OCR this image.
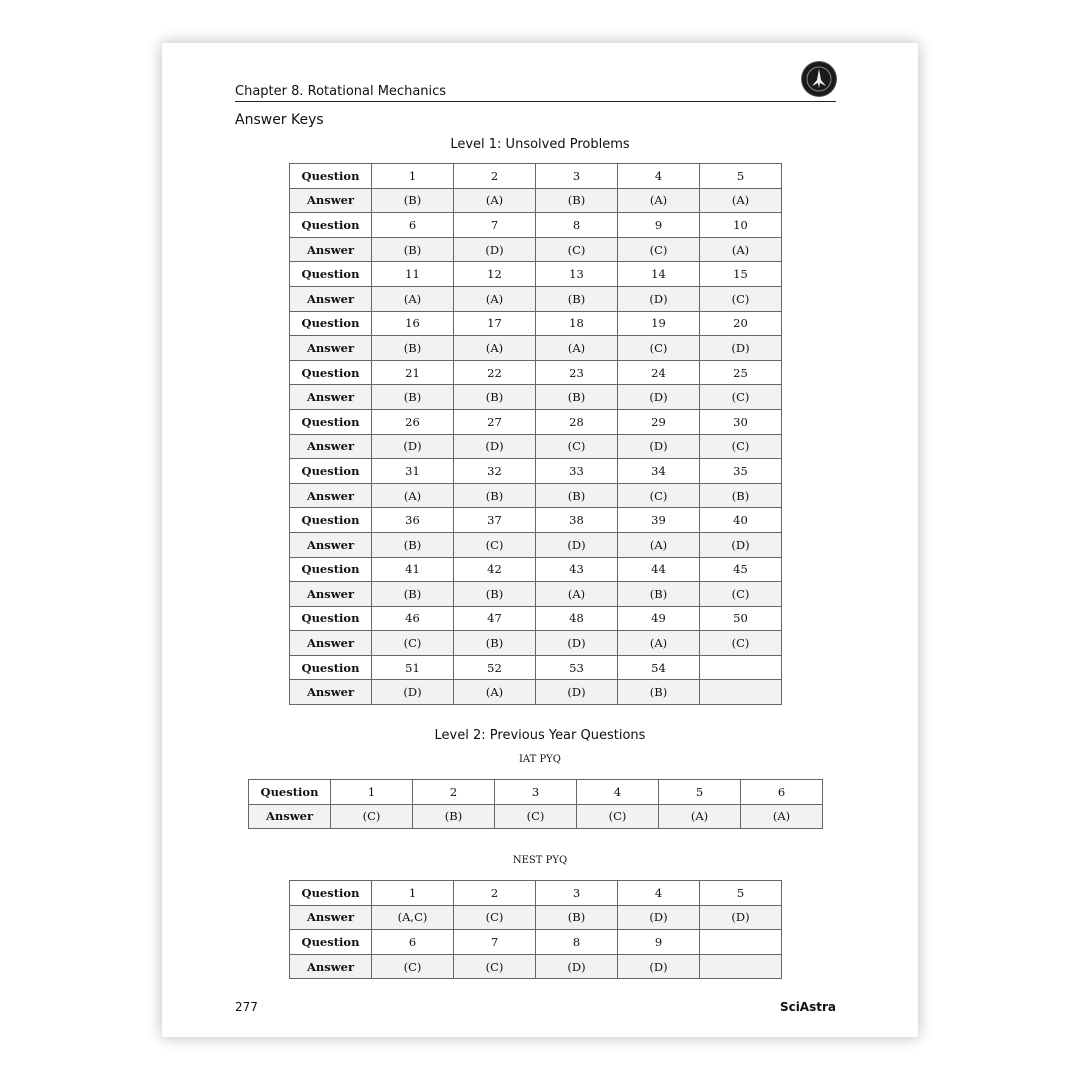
Chapter 8. Rotational Mechanics
Answer Keys
Level 1: Unsolved Problems
Question	1	2	3	4	5
Answer	(B)	(A)	(B)	(A)	(A)
Question	6	7	8	9	10
Answer	(B)	(D)	(C)	(C)	(A)
Question	11	12	13	14	15
Answer	(A)	(A)	(B)	(D)	(C)
Question	16	17	18	19	20
Answer	(B)	(A)	(A)	(C)	(D)
Question	21	22	23	24	25
Answer	(B)	(B)	(B)	(D)	(C)
Question	26	27	28	29	30
Answer	(D)	(D)	(C)	(D)	(C)
Question	31	32	33	34	35
Answer	(A)	(B)	(B)	(C)	(B)
Question	36	37	38	39	40
Answer	(B)	(C)	(D)	(A)	(D)
Question	41	42	43	44	45
Answer	(B)	(B)	(A)	(B)	(C)
Question	46	47	48	49	50
Answer	(C)	(B)	(D)	(A)	(C)
Question	51	52	53	54	
Answer	(D)	(A)	(D)	(B)	
Level 2: Previous Year Questions
IAT PYQ
Question	1	2	3	4	5	6
Answer	(C)	(B)	(C)	(C)	(A)	(A)
NEST PYQ
Question	1	2	3	4	5
Answer	(A,C)	(C)	(B)	(D)	(D)
Question	6	7	8	9	
Answer	(C)	(C)	(D)	(D)	
277	SciAstra
